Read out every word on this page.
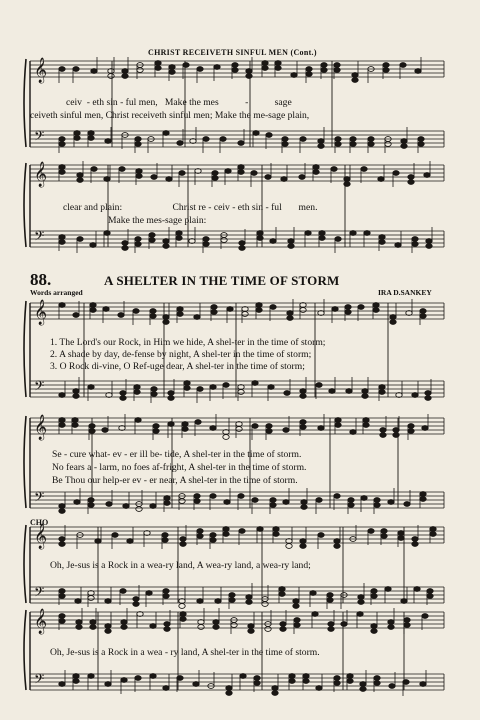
𝄞
𝄢
𝄞
𝄢
𝄞
𝄢
𝄞
𝄢
𝄞
𝄢
𝄞
𝄢
CHRIST RECEIVETH SINFUL MEN (Cont.)
ceiv - eth sin - ful men, Make the mes	-	sage
ceiveth sinful men, Christ receiveth sinful men; Make the me-sage plain,
clear and plain:	Christ re - ceiv - eth sin - ful men.
Make the mes-sage plain:
88.	A SHELTER IN THE TIME OF STORM
Words arranged	IRA D.SANKEY
1. The Lord's our Rock, in Him we hide, A shel-ter in the time of storm;
2. A shade by day, de-fense by night, A shel-ter in the time of storm;
3. O Rock di-vine, O Ref-uge dear, A shel-ter in the time of storm;
Se - cure what- ev - er ill be- tide, A shel-ter in the time of storm.
No fears a - larm, no foes af-fright, A shel-ter in the time of storm.
Be Thou our help-er ev - er near, A shel-ter in the time of storm.
CHO
Oh, Je-sus is a Rock in a wea-ry land, A wea-ry land, a wea-ry land;
Oh, Je-sus is a Rock in a wea - ry land, A shel-ter in the time of storm.
